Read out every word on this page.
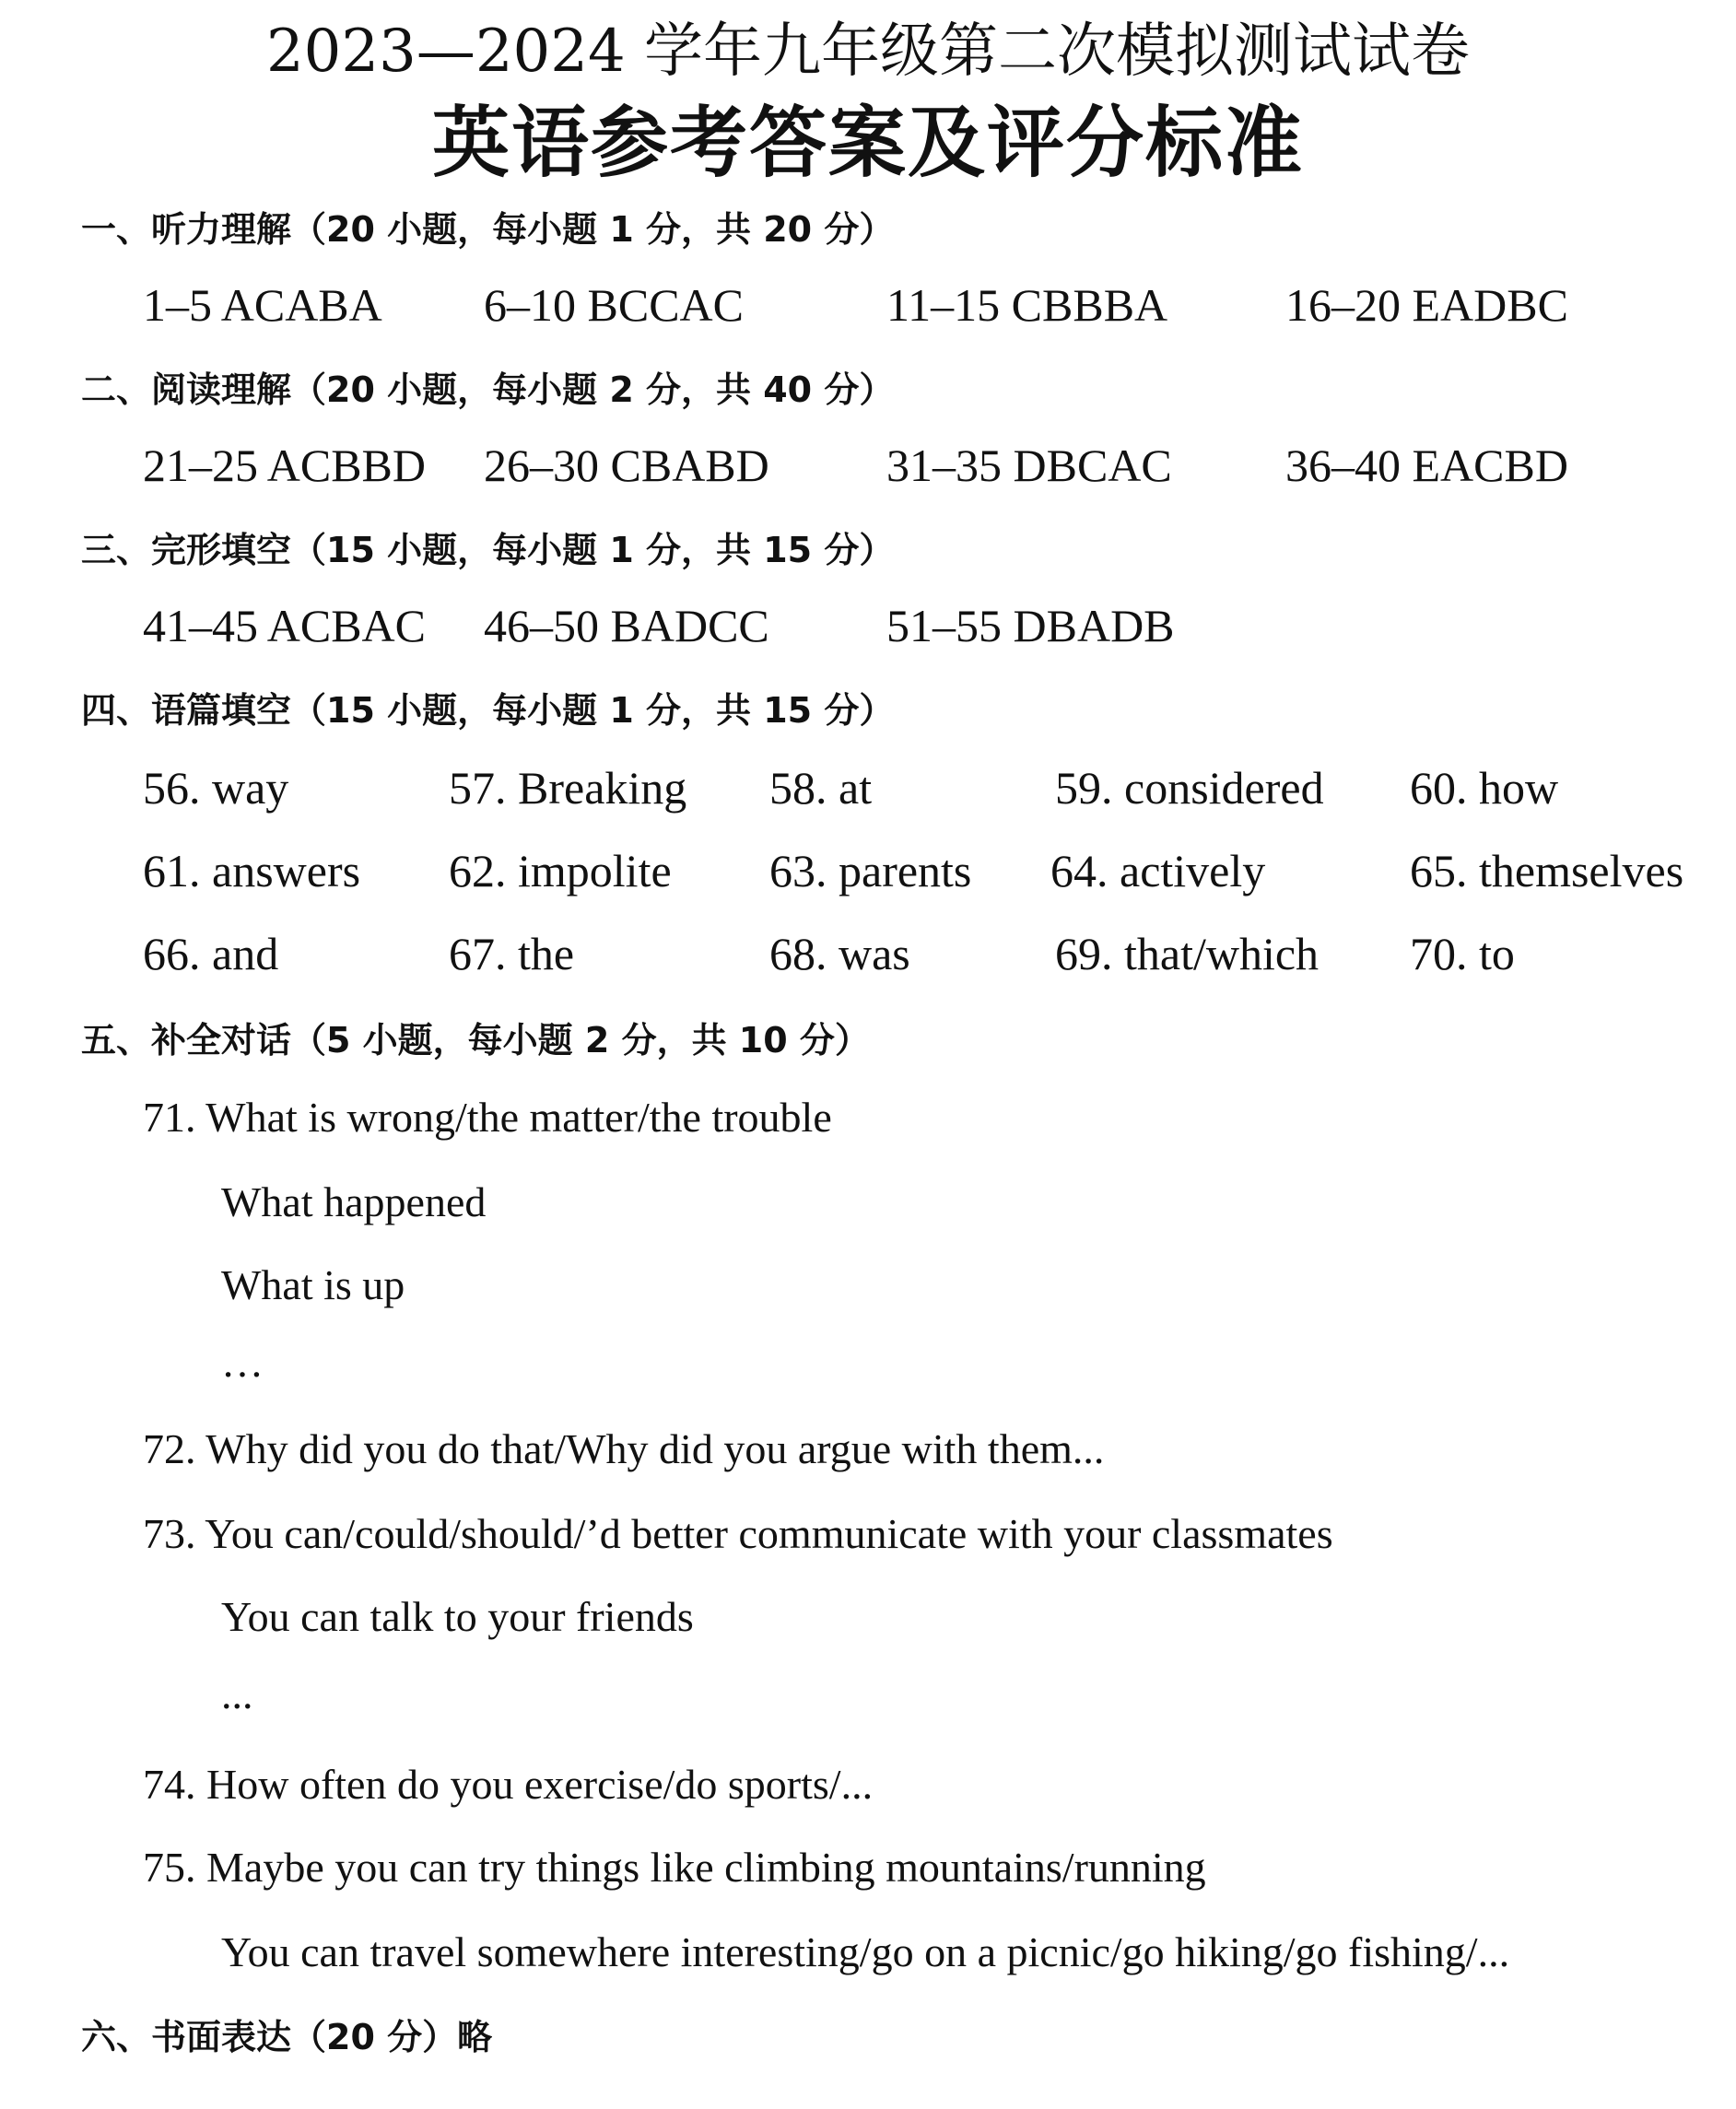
2023—2024 学年九年级第二次模拟测试试卷
英语参考答案及评分标准
一、听力理解（20 小题，每小题 1 分，共 20 分）
1–5 ACABA 6–10 BCCAC	11–15 CBBBA	16–20 EADBC
二、阅读理解（20 小题，每小题 2 分，共 40 分）
21–25 ACBBD 26–30 CBABD	31–35 DBCAC 36–40 EACBD
三、完形填空（15 小题，每小题 1 分，共 15 分）
41–45 ACBAC 46–50 BADCC	51–55 DBADB
四、语篇填空（15 小题，每小题 1 分，共 15 分）
56. way	57. Breaking 58. at	59. considered 60. how
61. answers 62. impolite 63. parents 64. actively	65. themselves
66. and	67. the	68. was	69. that/which 70. to
五、补全对话（5 小题，每小题 2 分，共 10 分）
71. What is wrong/the matter/the trouble
What happened
What is up
…
72. Why did you do that/Why did you argue with them...
73. You can/could/should/’d better communicate with your classmates
You can talk to your friends
...
74. How often do you exercise/do sports/...
75. Maybe you can try things like climbing mountains/running
You can travel somewhere interesting/go on a picnic/go hiking/go fishing/...
六、书面表达（20 分）略
